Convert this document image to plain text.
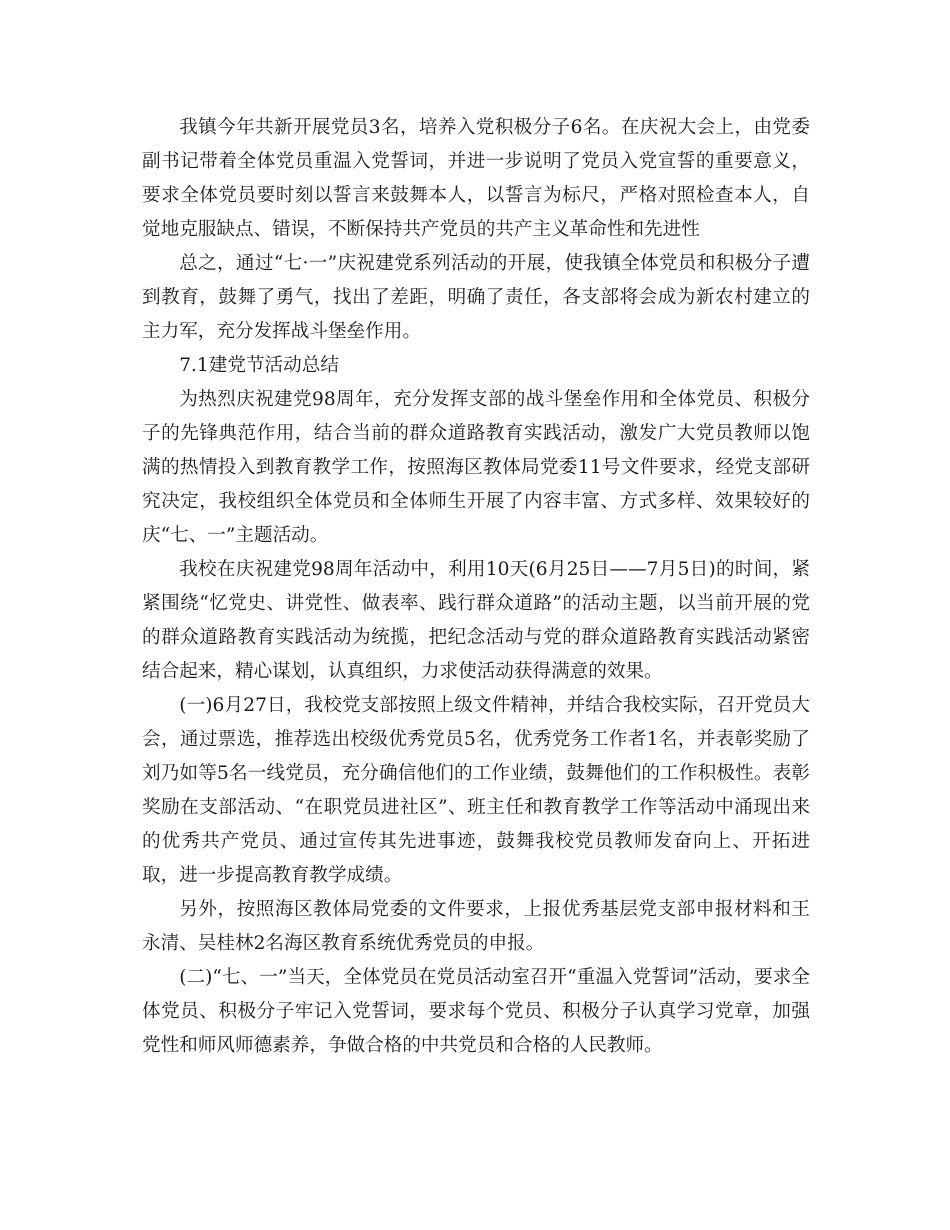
我镇今年共新开展党员3名，培养入党积极分子6名。在庆祝大会上，由党委副书记带着全体党员重温入党誓词，并进一步说明了党员入党宣誓的重要意义，要求全体党员要时刻以誓言来鼓舞本人，以誓言为标尺，严格对照检查本人，自觉地克服缺点、错误，不断保持共产党员的共产主义革命性和先进性

总之，通过“七·一”庆祝建党系列活动的开展，使我镇全体党员和积极分子遭到教育，鼓舞了勇气，找出了差距，明确了责任，各支部将会成为新农村建立的主力军，充分发挥战斗堡垒作用。

7.1建党节活动总结

为热烈庆祝建党98周年，充分发挥支部的战斗堡垒作用和全体党员、积极分子的先锋典范作用，结合当前的群众道路教育实践活动，激发广大党员教师以饱满的热情投入到教育教学工作，按照海区教体局党委11号文件要求，经党支部研究决定，我校组织全体党员和全体师生开展了内容丰富、方式多样、效果较好的庆“七、一”主题活动。

我校在庆祝建党98周年活动中，利用10天(6月25日——7月5日)的时间，紧紧围绕“忆党史、讲党性、做表率、践行群众道路”的活动主题，以当前开展的党的群众道路教育实践活动为统揽，把纪念活动与党的群众道路教育实践活动紧密结合起来，精心谋划，认真组织，力求使活动获得满意的效果。

(一)6月27日，我校党支部按照上级文件精神，并结合我校实际，召开党员大会，通过票选，推荐选出校级优秀党员5名，优秀党务工作者1名，并表彰奖励了刘乃如等5名一线党员，充分确信他们的工作业绩，鼓舞他们的工作积极性。表彰奖励在支部活动、“在职党员进社区”、班主任和教育教学工作等活动中涌现出来的优秀共产党员、通过宣传其先进事迹，鼓舞我校党员教师发奋向上、开拓进取，进一步提高教育教学成绩。

另外，按照海区教体局党委的文件要求，上报优秀基层党支部申报材料和王永清、吴桂林2名海区教育系统优秀党员的申报。

(二)“七、一”当天，全体党员在党员活动室召开“重温入党誓词”活动，要求全体党员、积极分子牢记入党誓词，要求每个党员、积极分子认真学习党章，加强党性和师风师德素养，争做合格的中共党员和合格的人民教师。
